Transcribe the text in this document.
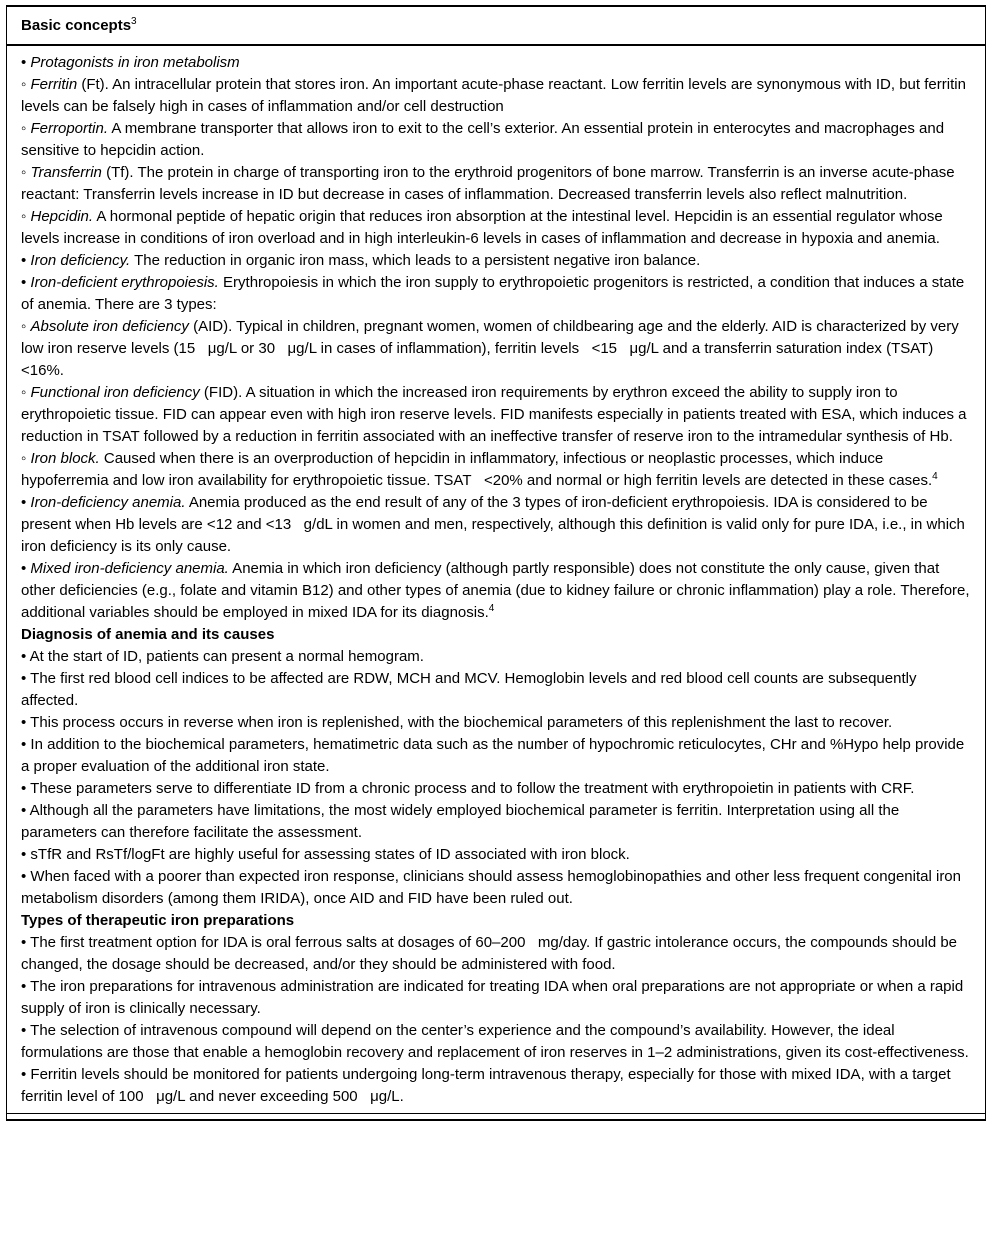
Basic concepts$^3$
• Protagonists in iron metabolism
◦ Ferritin (Ft). An intracellular protein that stores iron. An important acute-phase reactant. Low ferritin levels are synonymous with ID, but ferritin levels can be falsely high in cases of inflammation and/or cell destruction
◦ Ferroportin. A membrane transporter that allows iron to exit to the cell’s exterior. An essential protein in enterocytes and macrophages and sensitive to hepcidin action.
◦ Transferrin (Tf). The protein in charge of transporting iron to the erythroid progenitors of bone marrow. Transferrin is an inverse acute-phase reactant: Transferrin levels increase in ID but decrease in cases of inflammation. Decreased transferrin levels also reflect malnutrition.
◦ Hepcidin. A hormonal peptide of hepatic origin that reduces iron absorption at the intestinal level. Hepcidin is an essential regulator whose levels increase in conditions of iron overload and in high interleukin-6 levels in cases of inflammation and decrease in hypoxia and anemia.
• Iron deficiency. The reduction in organic iron mass, which leads to a persistent negative iron balance.
• Iron-deficient erythropoiesis. Erythropoiesis in which the iron supply to erythropoietic progenitors is restricted, a condition that induces a state of anemia. There are 3 types:
◦ Absolute iron deficiency (AID). Typical in children, pregnant women, women of childbearing age and the elderly. AID is characterized by very low iron reserve levels (15   μg/L or 30   μg/L in cases of inflammation), ferritin levels   <15   μg/L and a transferrin saturation index (TSAT) <16%.
◦ Functional iron deficiency (FID). A situation in which the increased iron requirements by erythron exceed the ability to supply iron to erythropoietic tissue. FID can appear even with high iron reserve levels. FID manifests especially in patients treated with ESA, which induces a reduction in TSAT followed by a reduction in ferritin associated with an ineffective transfer of reserve iron to the intramedular synthesis of Hb.
◦ Iron block. Caused when there is an overproduction of hepcidin in inflammatory, infectious or neoplastic processes, which induce hypoferremia and low iron availability for erythropoietic tissue. TSAT   <20% and normal or high ferritin levels are detected in these cases.$^4$
• Iron-deficiency anemia. Anemia produced as the end result of any of the 3 types of iron-deficient erythropoiesis. IDA is considered to be present when Hb levels are <12 and <13   g/dL in women and men, respectively, although this definition is valid only for pure IDA, i.e., in which iron deficiency is its only cause.
• Mixed iron-deficiency anemia. Anemia in which iron deficiency (although partly responsible) does not constitute the only cause, given that other deficiencies (e.g., folate and vitamin B12) and other types of anemia (due to kidney failure or chronic inflammation) play a role. Therefore, additional variables should be employed in mixed IDA for its diagnosis.$^4$
Diagnosis of anemia and its causes
• At the start of ID, patients can present a normal hemogram.
• The first red blood cell indices to be affected are RDW, MCH and MCV. Hemoglobin levels and red blood cell counts are subsequently affected.
• This process occurs in reverse when iron is replenished, with the biochemical parameters of this replenishment the last to recover.
• In addition to the biochemical parameters, hematimetric data such as the number of hypochromic reticulocytes, CHr and %Hypo help provide a proper evaluation of the additional iron state.
• These parameters serve to differentiate ID from a chronic process and to follow the treatment with erythropoietin in patients with CRF.
• Although all the parameters have limitations, the most widely employed biochemical parameter is ferritin. Interpretation using all the parameters can therefore facilitate the assessment.
• sTfR and RsTf/logFt are highly useful for assessing states of ID associated with iron block.
• When faced with a poorer than expected iron response, clinicians should assess hemoglobinopathies and other less frequent congenital iron metabolism disorders (among them IRIDA), once AID and FID have been ruled out.
Types of therapeutic iron preparations
• The first treatment option for IDA is oral ferrous salts at dosages of 60–200   mg/day. If gastric intolerance occurs, the compounds should be changed, the dosage should be decreased, and/or they should be administered with food.
• The iron preparations for intravenous administration are indicated for treating IDA when oral preparations are not appropriate or when a rapid supply of iron is clinically necessary.
• The selection of intravenous compound will depend on the center’s experience and the compound’s availability. However, the ideal formulations are those that enable a hemoglobin recovery and replacement of iron reserves in 1–2 administrations, given its cost-effectiveness.
• Ferritin levels should be monitored for patients undergoing long-term intravenous therapy, especially for those with mixed IDA, with a target ferritin level of 100   μg/L and never exceeding 500   μg/L.
